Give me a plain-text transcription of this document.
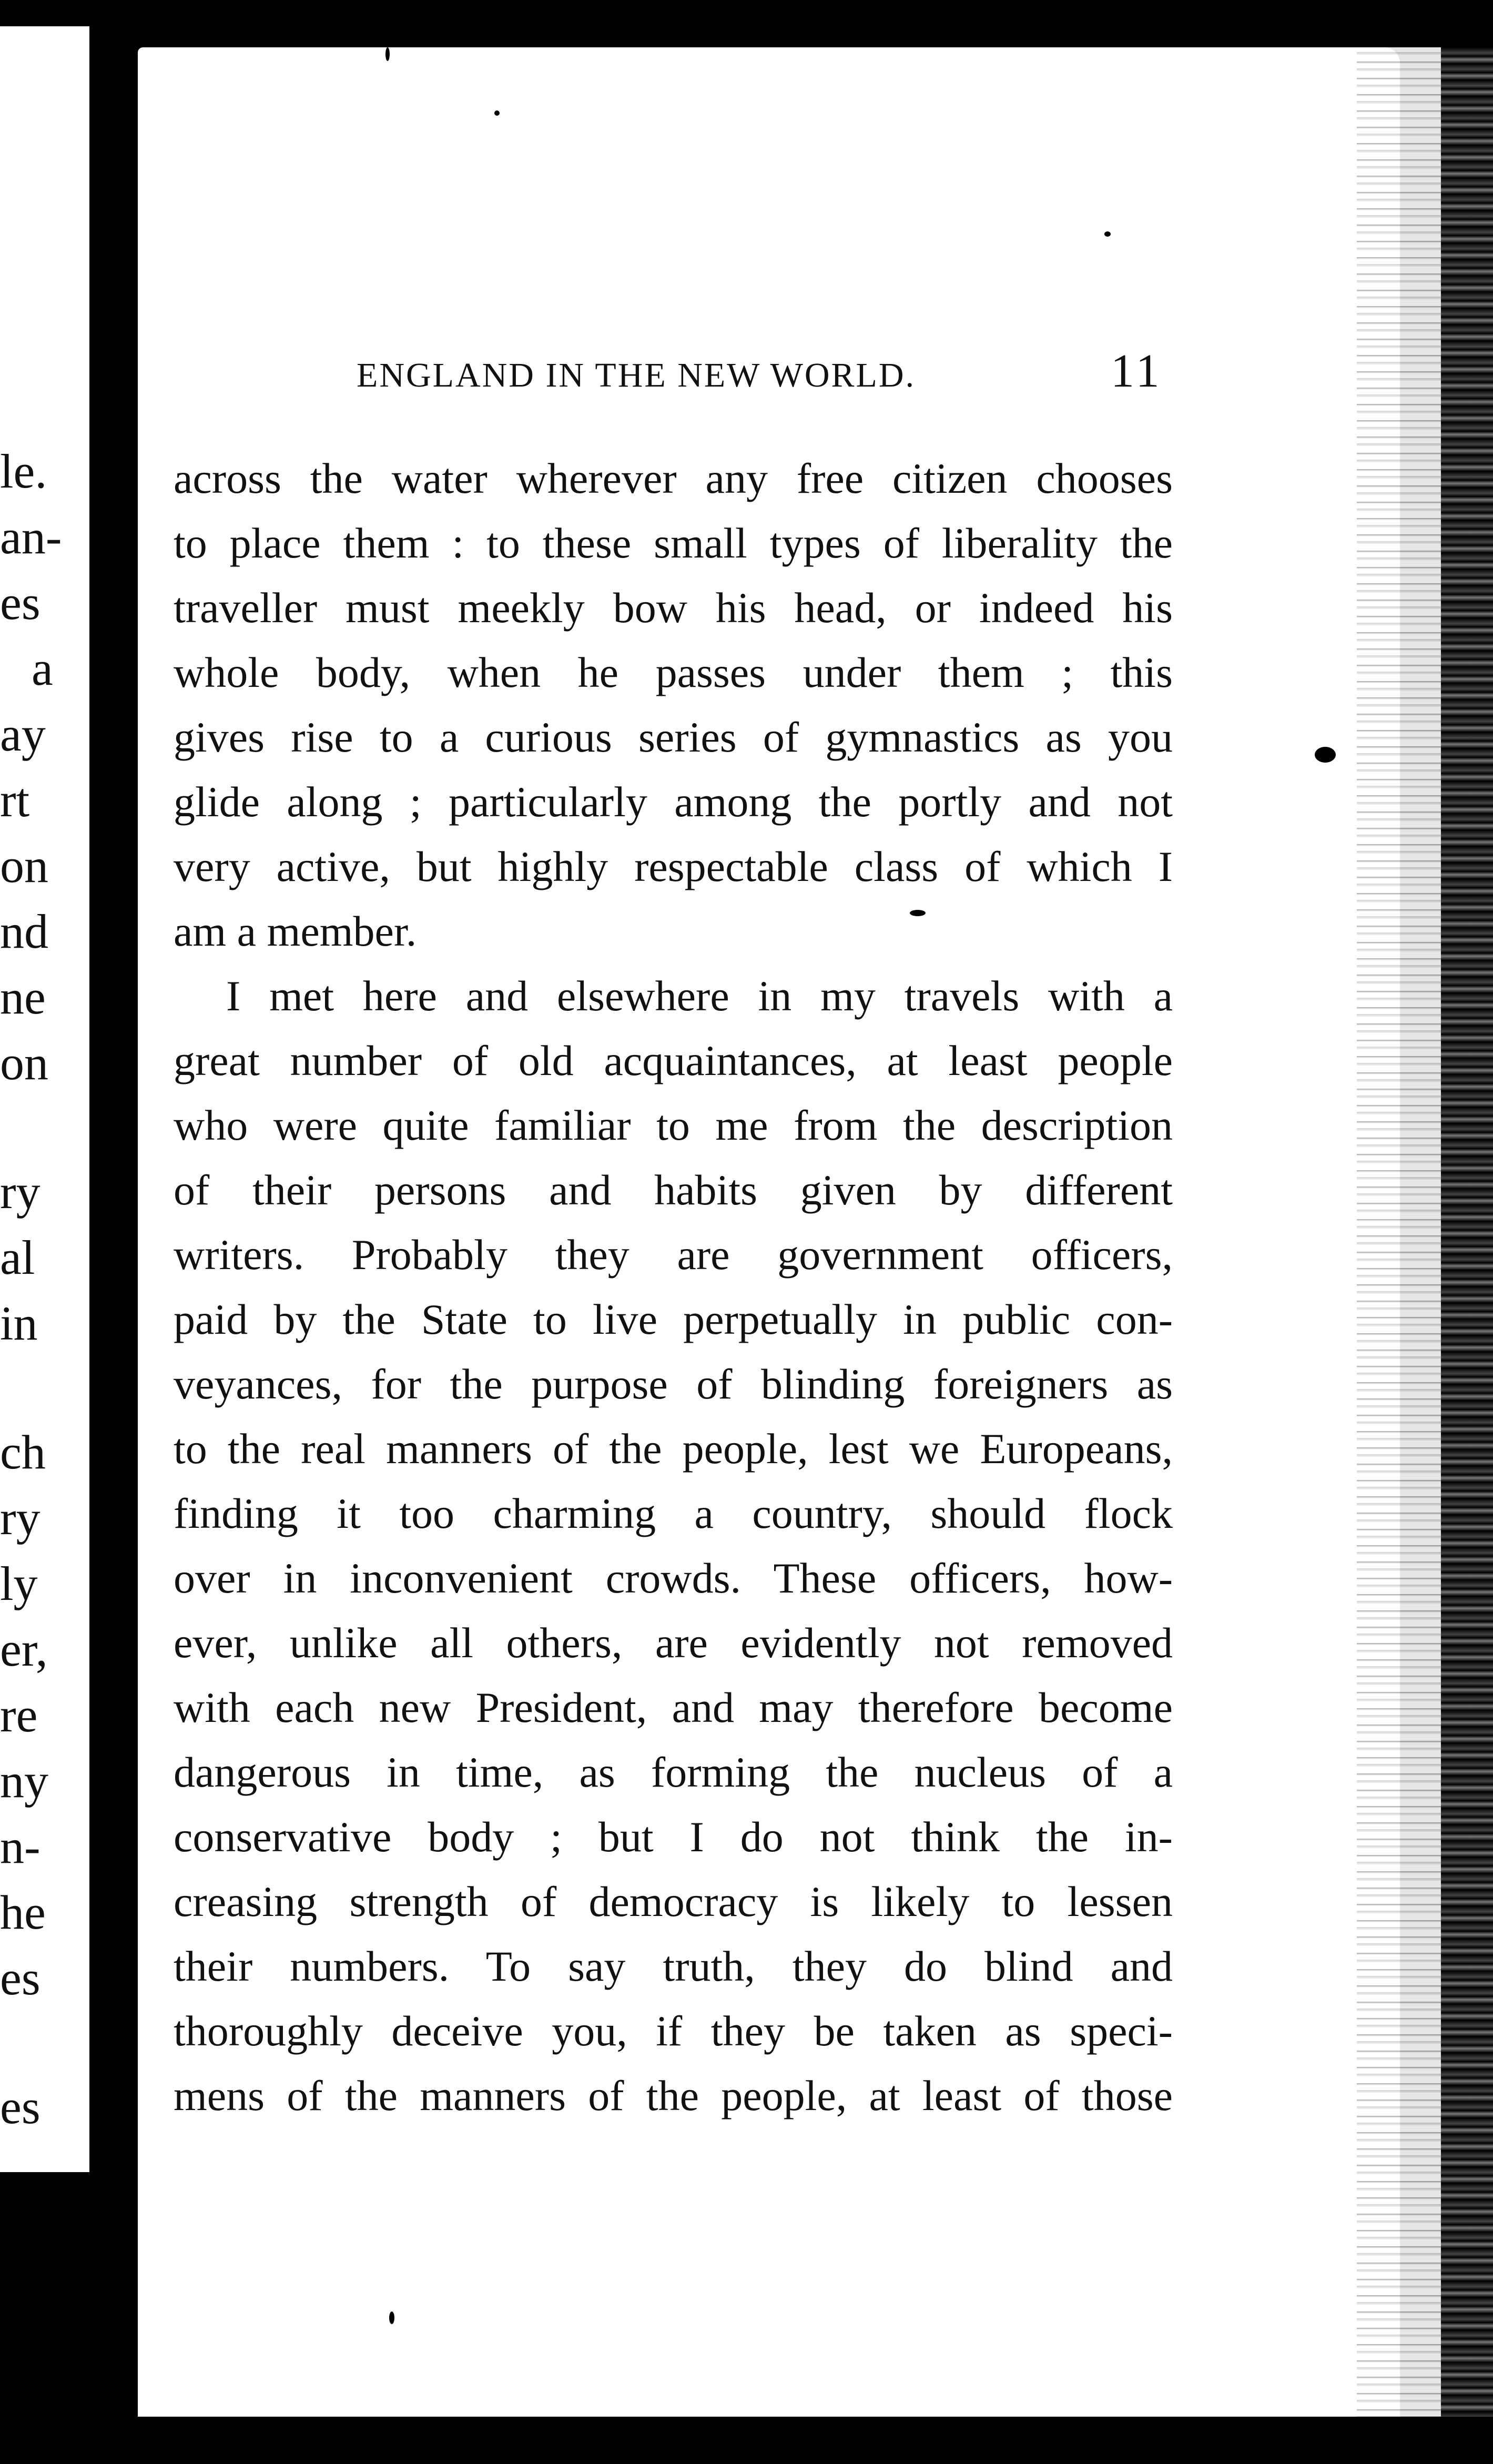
le.
an-
es
a
ay
rt
on
nd
ne
on
ry
al
in
ch
ry
ly
er,
re
ny
n-
he
es
es
ENGLAND IN THE NEW WORLD.	11
across the water wherever any free citizen chooses
to place them : to these small types of liberality the
traveller must meekly bow his head, or indeed his
whole body, when he passes under them ; this
gives rise to a curious series of gymnastics as you
glide along ; particularly among the portly and not
very active, but highly respectable class of which I
am a member.
I met here and elsewhere in my travels with a
great number of old acquaintances, at least people
who were quite familiar to me from the description
of their persons and habits given by different
writers. Probably they are government officers,
paid by the State to live perpetually in public con-
veyances, for the purpose of blinding foreigners as
to the real manners of the people, lest we Europeans,
finding it too charming a country, should flock
over in inconvenient crowds. These officers, how-
ever, unlike all others, are evidently not removed
with each new President, and may therefore become
dangerous in time, as forming the nucleus of a
conservative body ; but I do not think the in-
creasing strength of democracy is likely to lessen
their numbers. To say truth, they do blind and
thoroughly deceive you, if they be taken as speci-
mens of the manners of the people, at least of those
